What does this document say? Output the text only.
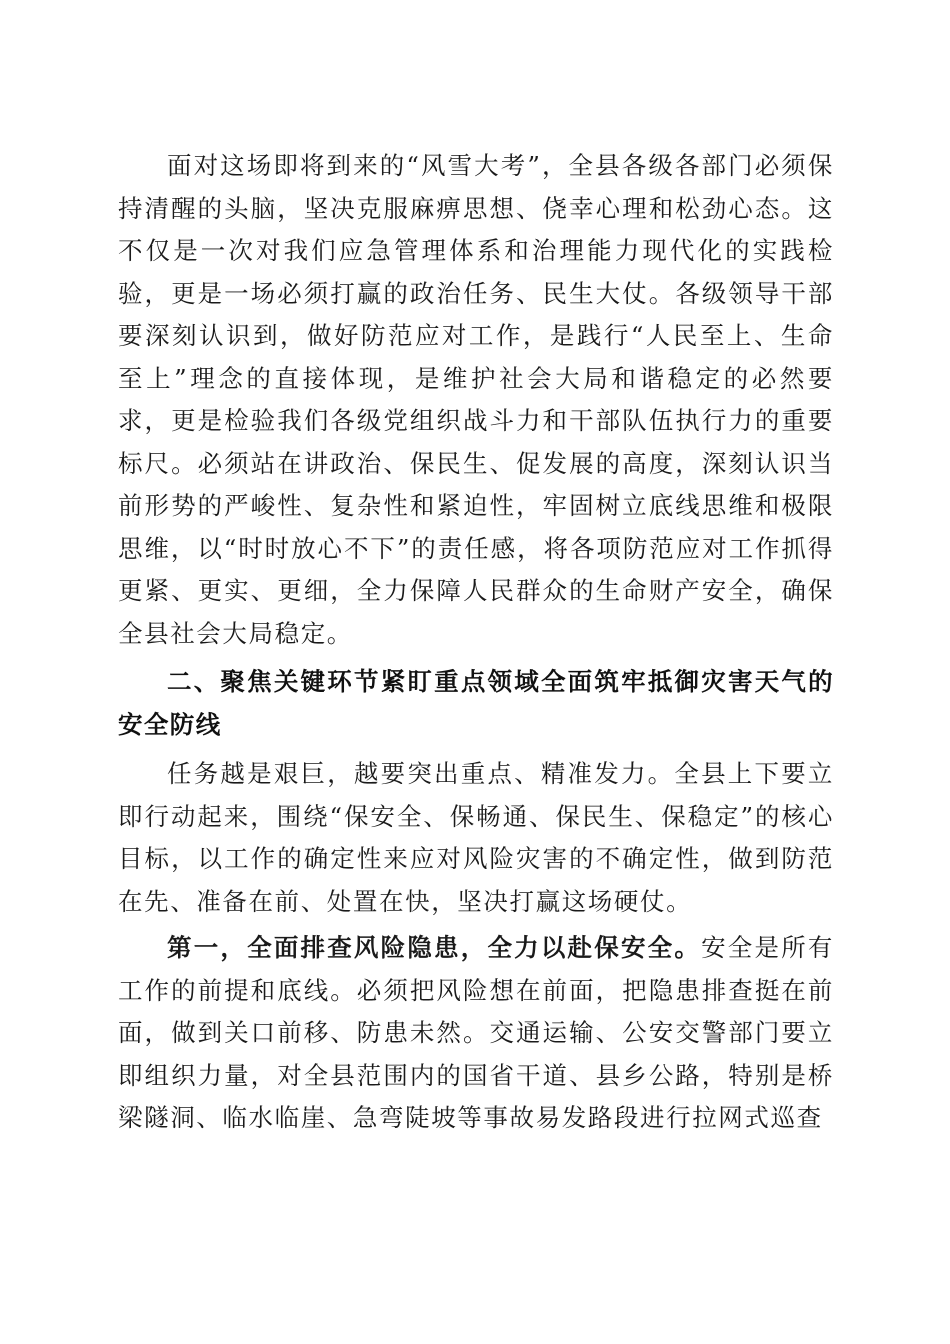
面对这场即将到来的“风雪大考”，全县各级各部门必须保持清醒的头脑，坚决克服麻痹思想、侥幸心理和松劲心态。这不仅是一次对我们应急管理体系和治理能力现代化的实践检验，更是一场必须打赢的政治任务、民生大仗。各级领导干部要深刻认识到，做好防范应对工作，是践行“人民至上、生命至上”理念的直接体现，是维护社会大局和谐稳定的必然要求，更是检验我们各级党组织战斗力和干部队伍执行力的重要标尺。必须站在讲政治、保民生、促发展的高度，深刻认识当前形势的严峻性、复杂性和紧迫性，牢固树立底线思维和极限思维，以“时时放心不下”的责任感，将各项防范应对工作抓得更紧、更实、更细，全力保障人民群众的生命财产安全，确保全县社会大局稳定。

二、聚焦关键环节紧盯重点领域全面筑牢抵御灾害天气的安全防线

任务越是艰巨，越要突出重点、精准发力。全县上下要立即行动起来，围绕“保安全、保畅通、保民生、保稳定”的核心目标，以工作的确定性来应对风险灾害的不确定性，做到防范在先、准备在前、处置在快，坚决打赢这场硬仗。

第一，全面排查风险隐患，全力以赴保安全。安全是所有工作的前提和底线。必须把风险想在前面，把隐患排查挺在前面，做到关口前移、防患未然。交通运输、公安交警部门要立即组织力量，对全县范围内的国省干道、县乡公路，特别是桥梁隧洞、临水临崖、急弯陡坡等事故易发路段进行拉网式巡查
